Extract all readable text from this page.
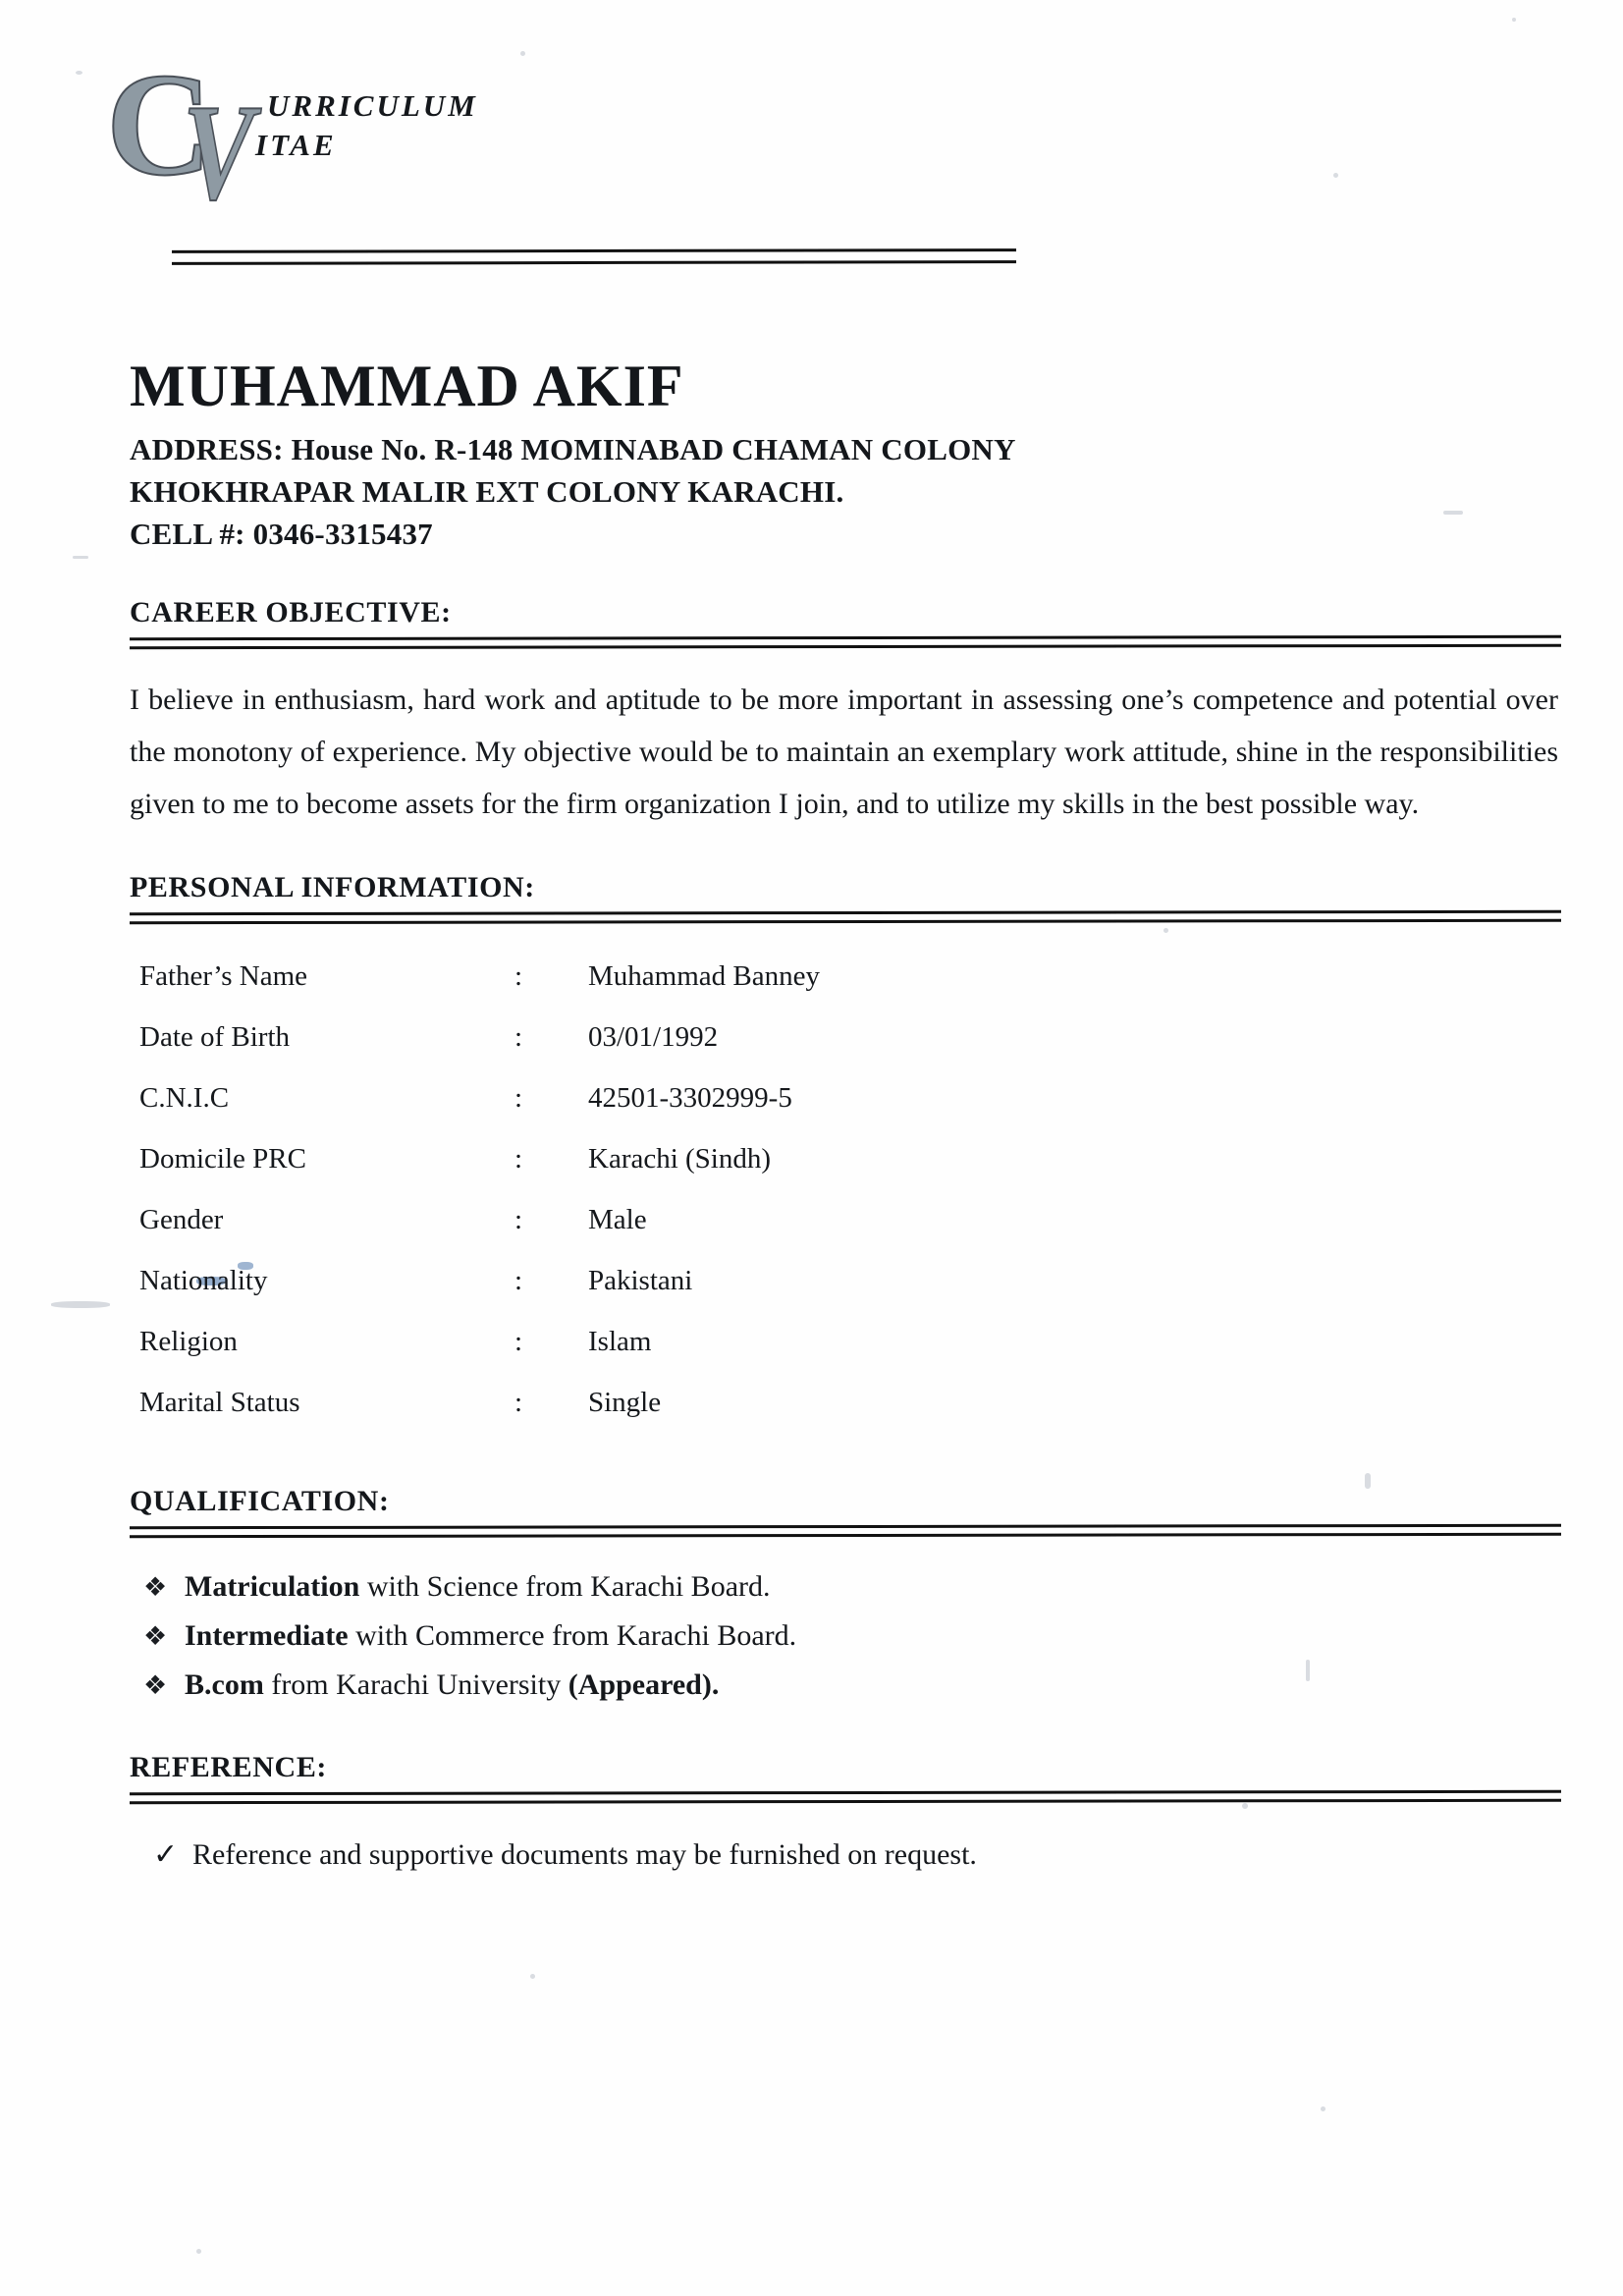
C
V URRICULUM
ITAE
MUHAMMAD AKIF
ADDRESS: House No. R-148 MOMINABAD CHAMAN COLONY
KHOKHRAPAR MALIR EXT COLONY KARACHI.
CELL #: 0346-3315437
CAREER OBJECTIVE:
I believe in enthusiasm, hard work and aptitude to be more important in assessing one’s competence and potential over the monotony of experience. My objective would be to maintain an exemplary work attitude, shine in the responsibilities given to me to become assets for the firm organization I join, and to utilize my skills in the best possible way.
PERSONAL INFORMATION:
Father’s Name	:	Muhammad Banney
Date of Birth	:	03/01/1992
C.N.I.C	:	42501-3302999-5
Domicile PRC	:	Karachi (Sindh)
Gender	:	Male
Nationality	:	Pakistani
Religion	:	Islam
Marital Status	:	Single
QUALIFICATION:
❖ Matriculation with Science from Karachi Board.
❖ Intermediate with Commerce from Karachi Board.
❖ B.com from Karachi University (Appeared).
REFERENCE:
✓ Reference and supportive documents may be furnished on request.
